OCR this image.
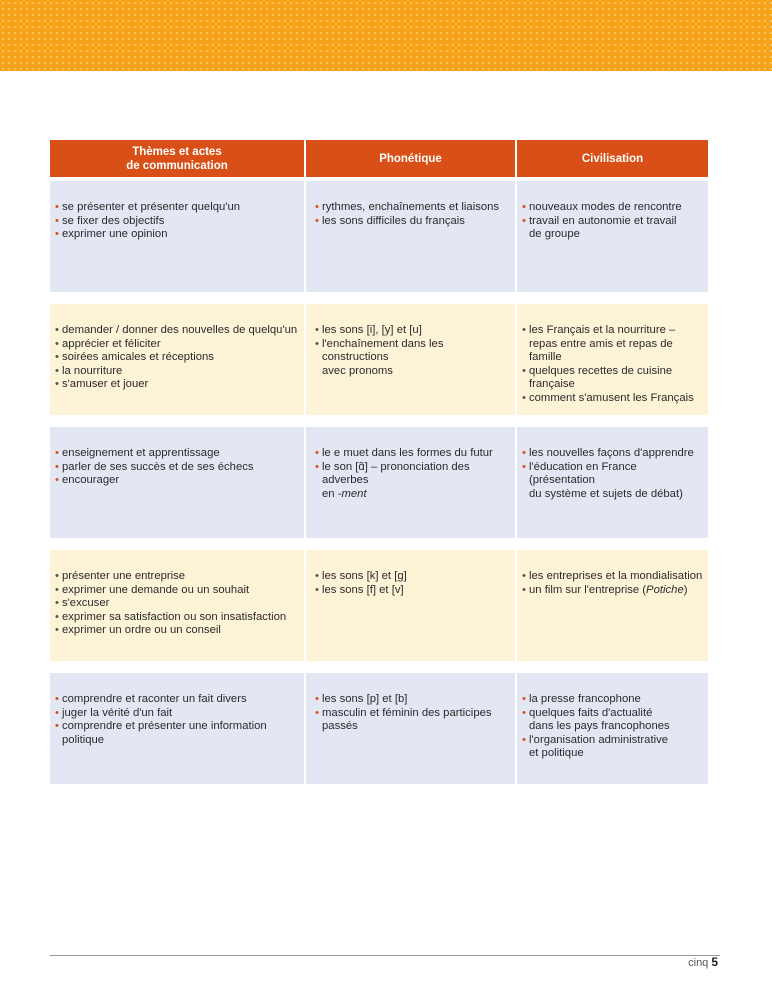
Thèmes et actes
de communication
Phonétique	Civilisation
• se présenter et présenter quelqu'un
• se fixer des objectifs
• exprimer une opinion
• rythmes, enchaînements et liaisons
• les sons difficiles du français
• nouveaux modes de rencontre
• travail en autonomie et travail
de groupe
• demander / donner des nouvelles de quelqu'un
• apprécier et féliciter
• soirées amicales et réceptions
• la nourriture
• s'amuser et jouer
• les sons [i], [y] et [u]
• l'enchaînement dans les constructions
avec pronoms
• les Français et la nourriture –
repas entre amis et repas de famille
• quelques recettes de cuisine
française
• comment s'amusent les Français
• enseignement et apprentissage
• parler de ses succès et de ses échecs
• encourager
• le e muet dans les formes du futur
• le son [ɑ̃] – prononciation des adverbes
en -ment
• les nouvelles façons d'apprendre
• l'éducation en France (présentation
du système et sujets de débat)
• présenter une entreprise
• exprimer une demande ou un souhait
• s'excuser
• exprimer sa satisfaction ou son insatisfaction
• exprimer un ordre ou un conseil
• les sons [k] et [g]
• les sons [f] et [v]
• les entreprises et la mondialisation
• un film sur l'entreprise (Potiche)
• comprendre et raconter un fait divers
• juger la vérité d'un fait
• comprendre et présenter une information
politique
• les sons [p] et [b]
• masculin et féminin des participes
passés
• la presse francophone
• quelques faits d'actualité
dans les pays francophones
• l'organisation administrative
et politique
cinq 5
